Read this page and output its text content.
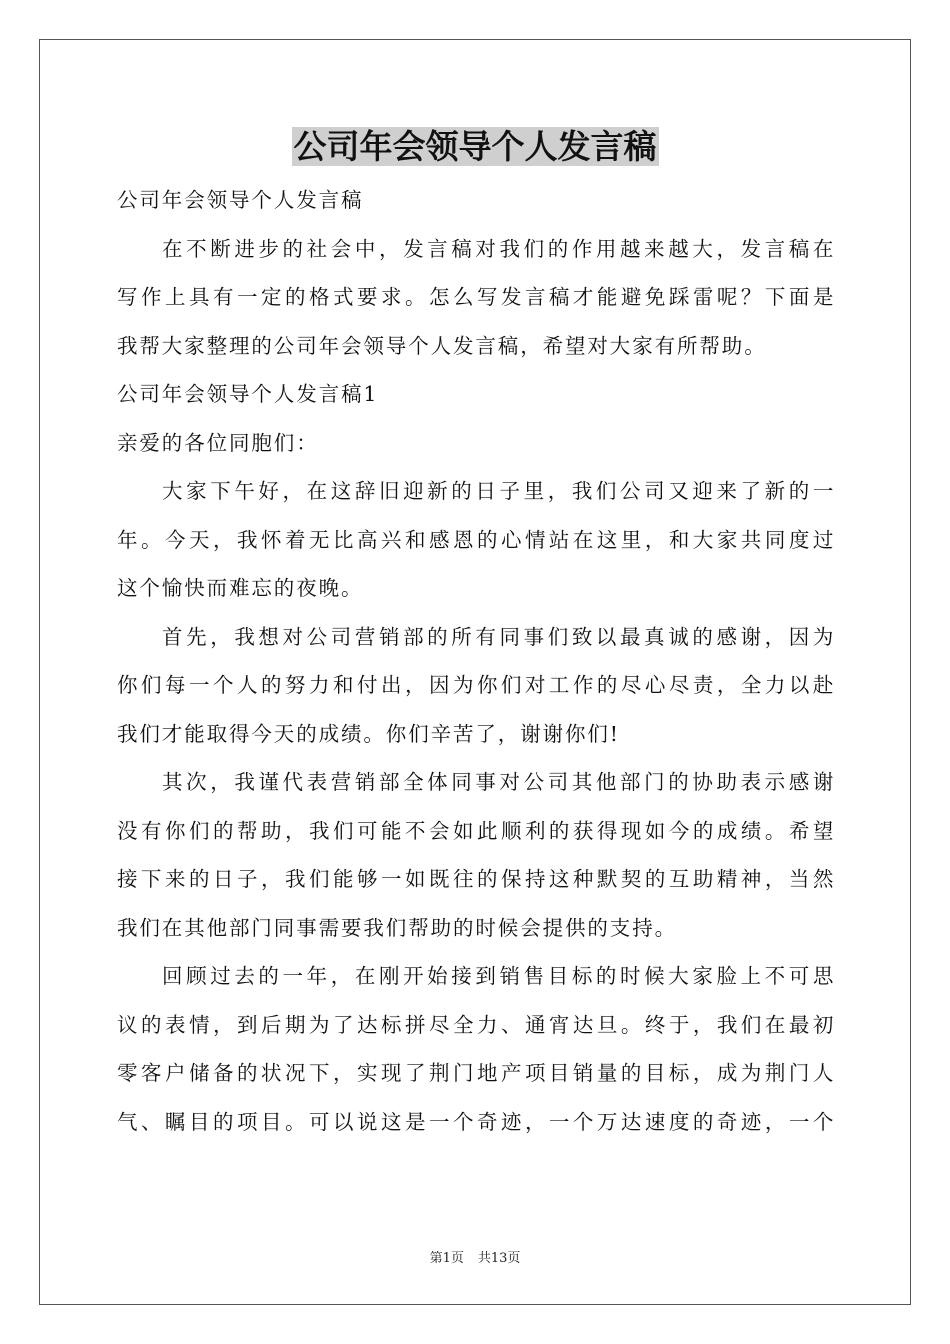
公司年会领导个人发言稿
公司年会领导个人发言稿
在不断进步的社会中，发言稿对我们的作用越来越大，发言稿在
写作上具有一定的格式要求。怎么写发言稿才能避免踩雷呢？下面是
我帮大家整理的公司年会领导个人发言稿，希望对大家有所帮助。
公司年会领导个人发言稿1
亲爱的各位同胞们：
大家下午好，在这辞旧迎新的日子里，我们公司又迎来了新的一
年。今天，我怀着无比高兴和感恩的心情站在这里，和大家共同度过
这个愉快而难忘的夜晚。
首先，我想对公司营销部的所有同事们致以最真诚的感谢，因为
你们每一个人的努力和付出，因为你们对工作的尽心尽责，全力以赴
我们才能取得今天的成绩。你们辛苦了，谢谢你们!
其次，我谨代表营销部全体同事对公司其他部门的协助表示感谢
没有你们的帮助，我们可能不会如此顺利的获得现如今的成绩。希望
接下来的日子，我们能够一如既往的保持这种默契的互助精神，当然
我们在其他部门同事需要我们帮助的时候会提供的支持。
回顾过去的一年，在刚开始接到销售目标的时候大家脸上不可思
议的表情，到后期为了达标拼尽全力、通宵达旦。终于，我们在最初
零客户储备的状况下，实现了荆门地产项目销量的目标，成为荆门人
气、瞩目的项目。可以说这是一个奇迹，一个万达速度的奇迹，一个
第1页 共13页
